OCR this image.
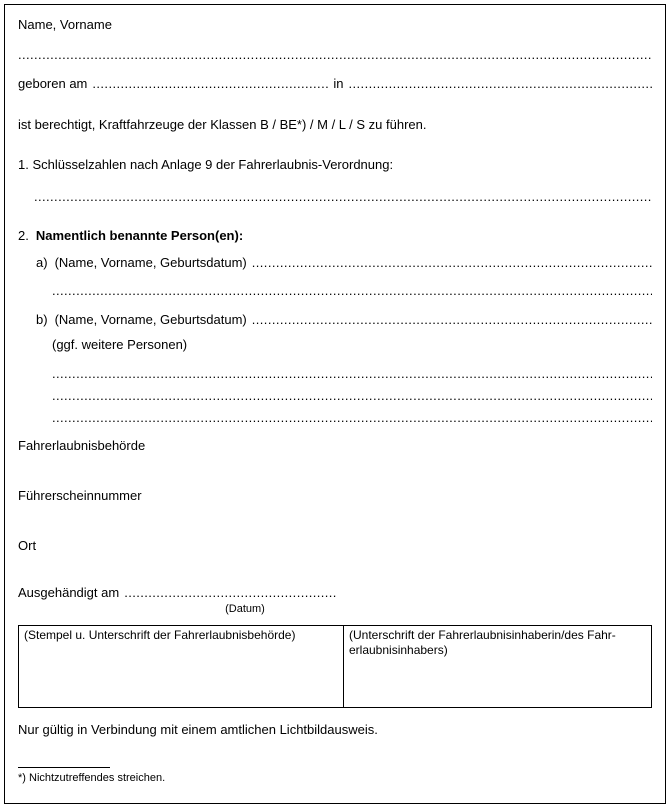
Name, Vorname
.....
geboren am .....	in
.....
ist berechtigt, Kraftfahrzeuge der Klassen B / BE*) / M / L / S zu führen.
1. Schlüsselzahlen nach Anlage 9 der Fahrerlaubnis-Verordnung:
.....
2. Namentlich benannte Person(en):
a) (Name, Vorname, Geburtsdatum)
.....
.....
b) (Name, Vorname, Geburtsdatum)
.....
(ggf. weitere Personen)
.....
.....
.....
Fahrerlaubnisbehörde
Führerscheinnummer
Ort
Ausgehändigt am
.....
(Datum)
(Stempel u. Unterschrift der Fahrerlaubnisbehörde)	(Unterschrift der Fahrerlaubnisinhaberin/des Fahr-erlaubnisinhabers)
Nur gültig in Verbindung mit einem amtlichen Lichtbildausweis.
*) Nichtzutreffendes streichen.
